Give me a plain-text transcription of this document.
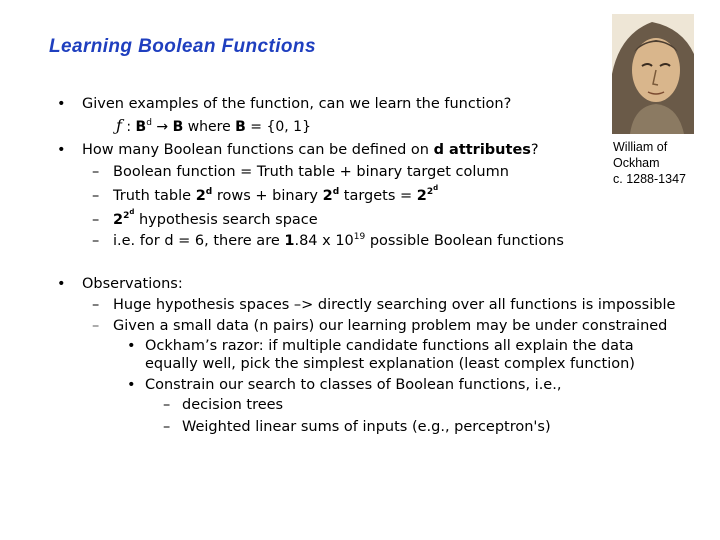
Learning Boolean Functions
William of
Ockham
c. 1288-1347
• Given examples of the function, can we learn the function?
ƒ : $B^d \to B$ where B = {0, 1}
• How many Boolean functions can be defined on d attributes?
– Boolean function = Truth table + binary target column
– Truth table 2$^d$ rows + binary 2$^d$ targets = $2^{2^d}$
– $2^{2^d}$ hypothesis search space
– i.e. for d = 6, there are 1.84 x $10^{19}$ possible Boolean functions
• Observations:
– Huge hypothesis spaces –> directly searching over all functions is impossible
– Given a small data (n pairs) our learning problem may be under constrained
• Ockham’s razor: if multiple candidate functions all explain the data
equally well, pick the simplest explanation (least complex function)
• Constrain our search to classes of Boolean functions, i.e.,
– decision trees
– Weighted linear sums of inputs (e.g., perceptron's)
